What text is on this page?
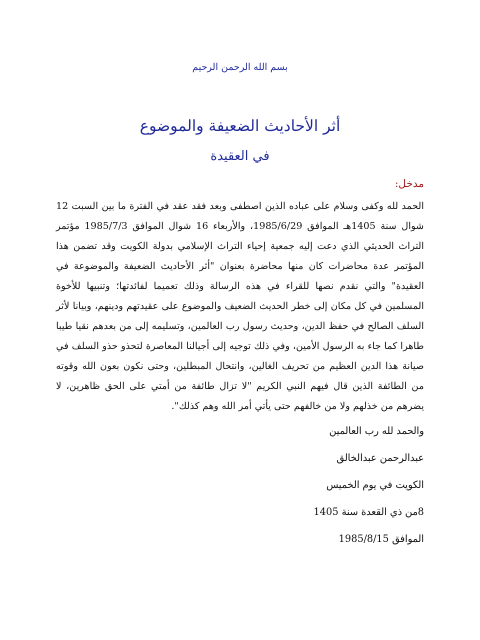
بسم الله الرحمن الرحيم
أثر الأحاديث الضعيفة والموضوع
في العقيدة
مدخل:

الحمد لله وكفى وسلام على عباده الذين اصطفى وبعد فقد عقد في الفترة ما بين السبت 12 شوال سنة 1405هـ الموافق 1985/6/29، والأربعاء 16 شوال الموافق 1985/7/3 مؤتمر التراث الحديثي الذي دعت إليه جمعية إحياء التراث الإسلامي بدولة الكويت وقد تضمن هذا المؤتمر عدة محاضرات كان منها محاضرة بعنوان "أثر الأحاديث الضعيفة والموضوعة في العقيدة" والتي نقدم نصها للقراء في هذه الرسالة وذلك تعميما لفائدتها؛ وتنبيها للأخوة المسلمين في كل مكان إلى خطر الحديث الضعيف والموضوع على عقيدتهم ودينهم، وبيانا لأثر السلف الصالح في حفظ الدين، وحديث رسول رب العالمين، وتسليمه إلى من بعدهم نقيا طيبا طاهرا كما جاء به الرسول الأمين، وفي ذلك توجيه إلى أجيالنا المعاصرة لتحذو حذو السلف في صيانة هذا الدين العظيم من تحريف الغالين، وانتحال المبطلين، وحتى نكون بعون الله وقوته من الطائفة الذين قال فيهم النبي الكريم "لا تزال طائفة من أمتي على الحق ظاهرين، لا يضرهم من خذلهم ولا من خالفهم حتى يأتي أمر الله وهم كذلك".

والحمد لله رب العالمين
عبدالرحمن عبدالخالق
الكويت في يوم الخميس
8من ذي القعدة سنة 1405
الموافق 1985/8/15
